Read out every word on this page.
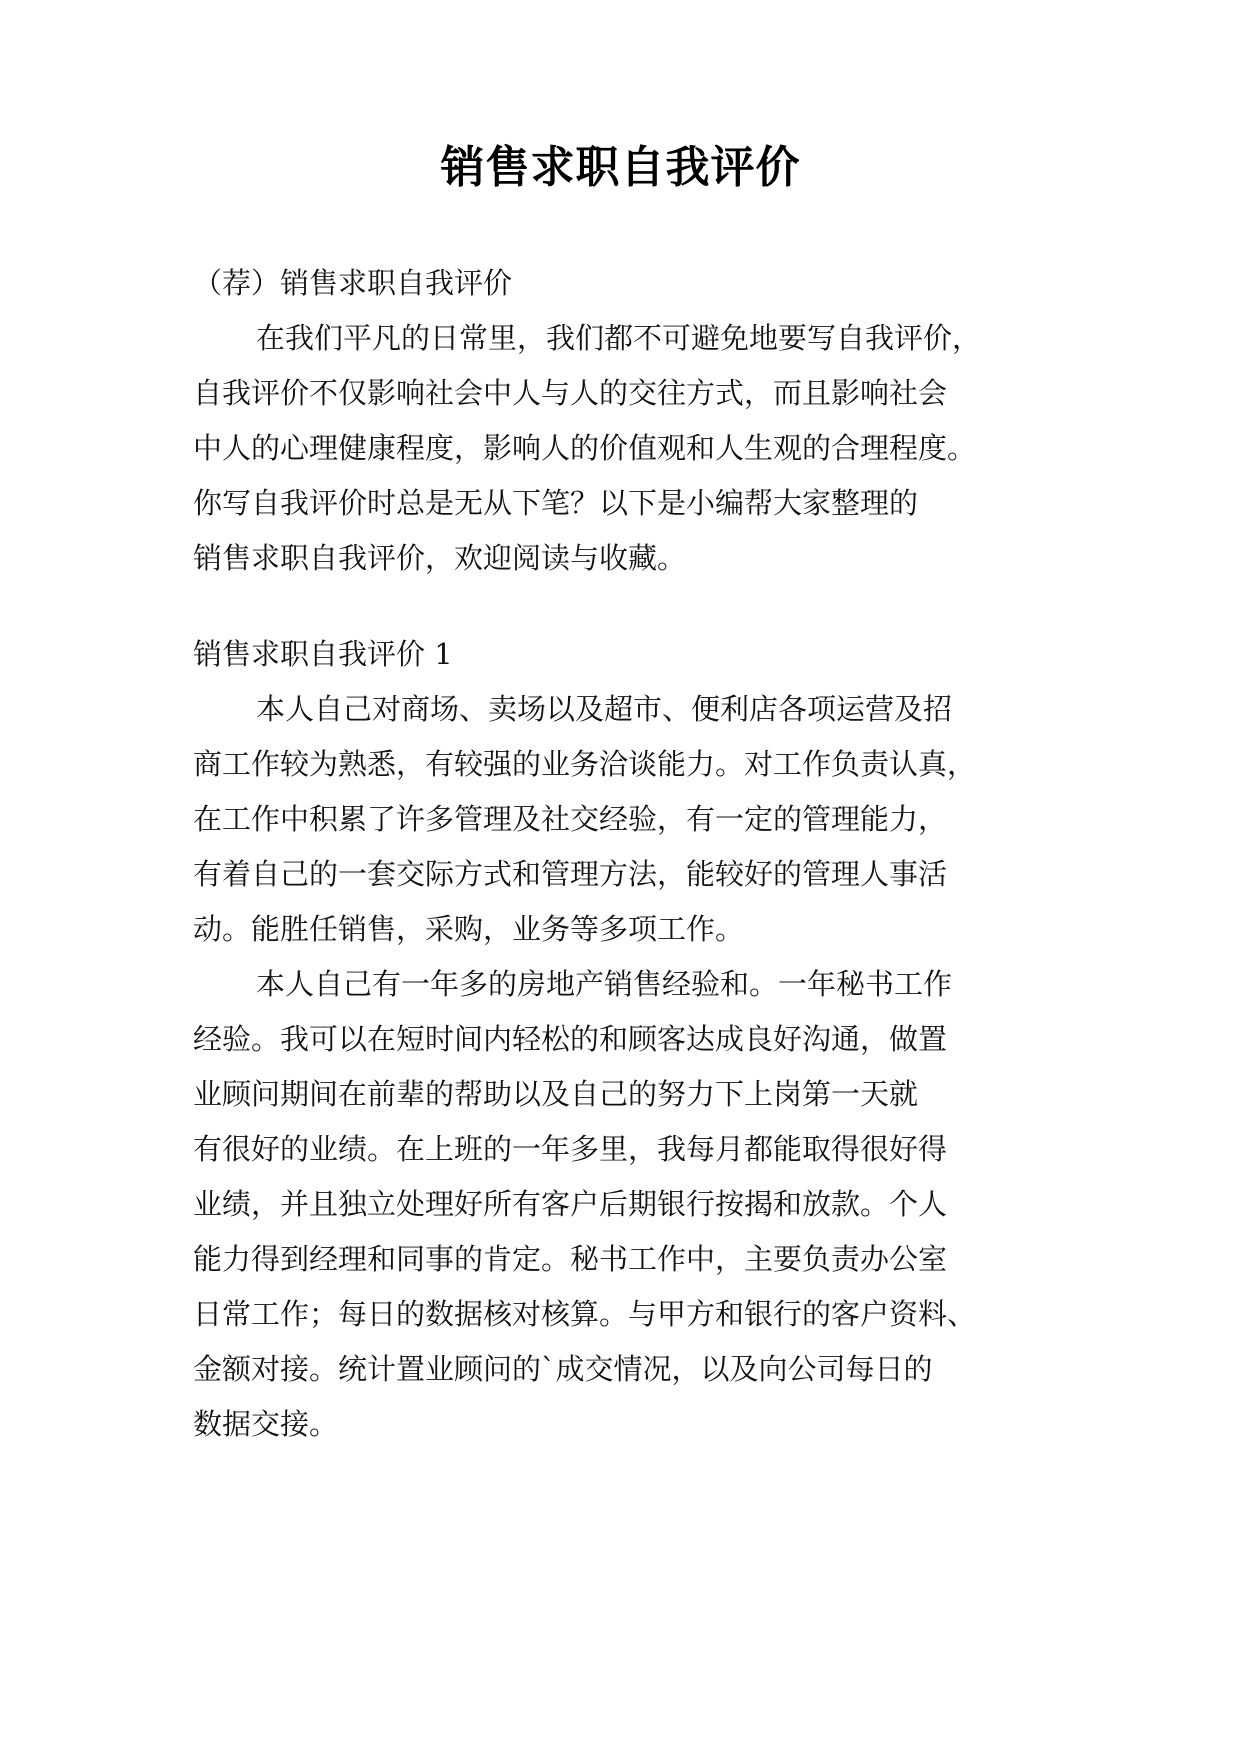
销售求职自我评价
（荐）销售求职自我评价
在我们平凡的日常里，我们都不可避免地要写自我评价，
自我评价不仅影响社会中人与人的交往方式，而且影响社会
中人的心理健康程度，影响人的价值观和人生观的合理程度。
你写自我评价时总是无从下笔？以下是小编帮大家整理的
销售求职自我评价，欢迎阅读与收藏。
销售求职自我评价 1
本人自己对商场、卖场以及超市、便利店各项运营及招
商工作较为熟悉，有较强的业务洽谈能力。对工作负责认真，
在工作中积累了许多管理及社交经验，有一定的管理能力，
有着自己的一套交际方式和管理方法，能较好的管理人事活
动。能胜任销售，采购，业务等多项工作。
本人自己有一年多的房地产销售经验和。一年秘书工作
经验。我可以在短时间内轻松的和顾客达成良好沟通，做置
业顾问期间在前辈的帮助以及自己的努力下上岗第一天就
有很好的业绩。在上班的一年多里，我每月都能取得很好得
业绩，并且独立处理好所有客户后期银行按揭和放款。个人
能力得到经理和同事的肯定。秘书工作中，主要负责办公室
日常工作；每日的数据核对核算。与甲方和银行的客户资料、
金额对接。统计置业顾问的`成交情况，以及向公司每日的
数据交接。
